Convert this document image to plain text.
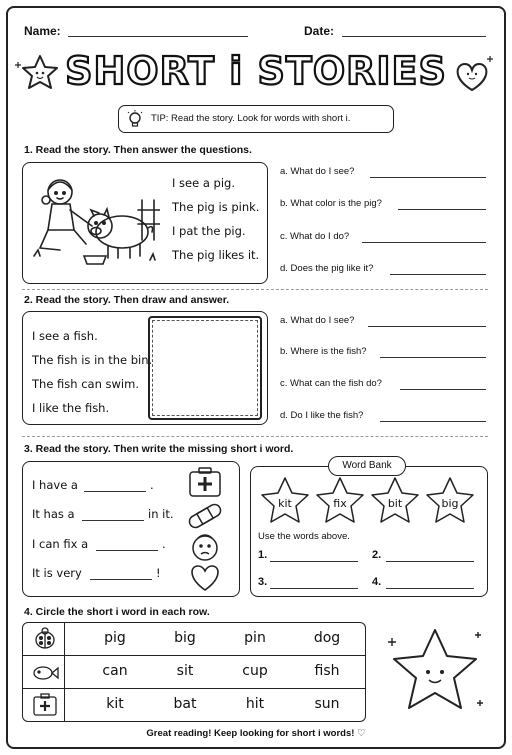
Name:	Date:
SHORT i STORIES
TIP: Read the story. Look for words with short i.
1. Read the story. Then answer the questions.
I see a pig.
The pig is pink.
I pat the pig.
The pig likes it.
a. What do I see?
b. What color is the pig?
c. What do I do?
d. Does the pig like it?
2. Read the story. Then draw and answer.
I see a fish.
The fish is in the bin.
The fish can swim.
I like the fish.
a. What do I see?
b. Where is the fish?
c. What can the fish do?
d. Do I like the fish?
3. Read the story. Then write the missing short i word.
I have a	.
It has a	in it.
I can fix a	.
It is very	!
Word Bank
kit	fix	bit	big
Use the words above.
1.	2.
3.	4.
4. Circle the short i word in each row.
pig	big	pin	dog
can	sit	cup	fish
kit	bat	hit	sun
Great reading! Keep looking for short i words! ♡
